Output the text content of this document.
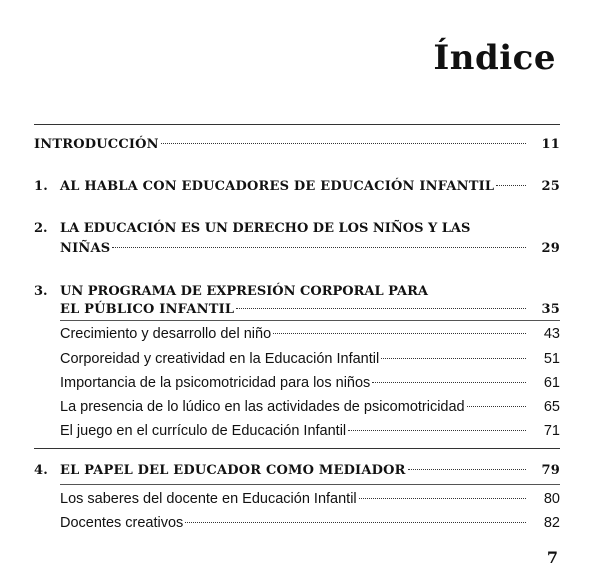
Índice
INTRODUCCIÓN	11
1. AL HABLA CON EDUCADORES DE EDUCACIÓN INFANTIL	25
2. LA EDUCACIÓN ES UN DERECHO DE LOS NIÑOS Y LAS
NIÑAS	29
3. UN PROGRAMA DE EXPRESIÓN CORPORAL PARA
EL PÚBLICO INFANTIL	35
Crecimiento y desarrollo del niño	43
Corporeidad y creatividad en la Educación Infantil	51
Importancia de la psicomotricidad para los niños	61
La presencia de lo lúdico en las actividades de psicomotricidad	65
El juego en el currículo de Educación Infantil	71
4. EL PAPEL DEL EDUCADOR COMO MEDIADOR	79
Los saberes del docente en Educación Infantil	80
Docentes creativos	82
7
